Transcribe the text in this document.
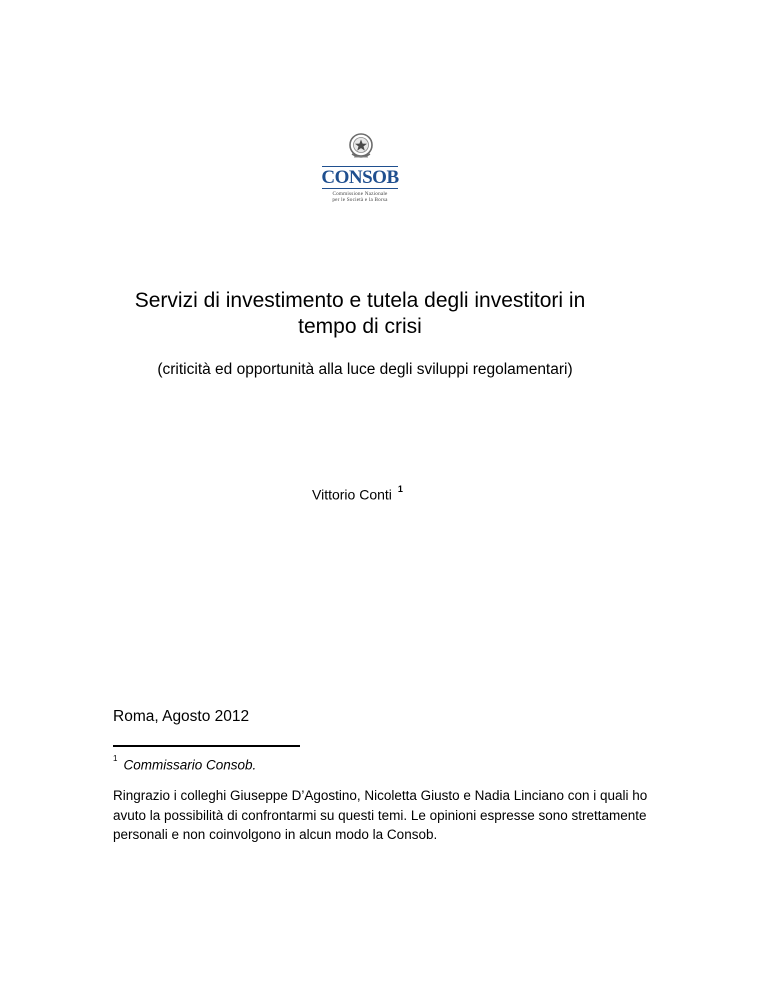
CONSOB
Commissione Nazionale
per le Società e la Borsa
Servizi di investimento e tutela degli investitori in
tempo di crisi
(criticità ed opportunità alla luce degli sviluppi regolamentari)
Vittorio Conti $^1$
Roma, Agosto 2012
$^1$ Commissario Consob.
Ringrazio i colleghi Giuseppe D’Agostino, Nicoletta Giusto e Nadia Linciano con i quali ho avuto la possibilità di confrontarmi su questi temi. Le opinioni espresse sono strettamente personali e non coinvolgono in alcun modo la Consob.
